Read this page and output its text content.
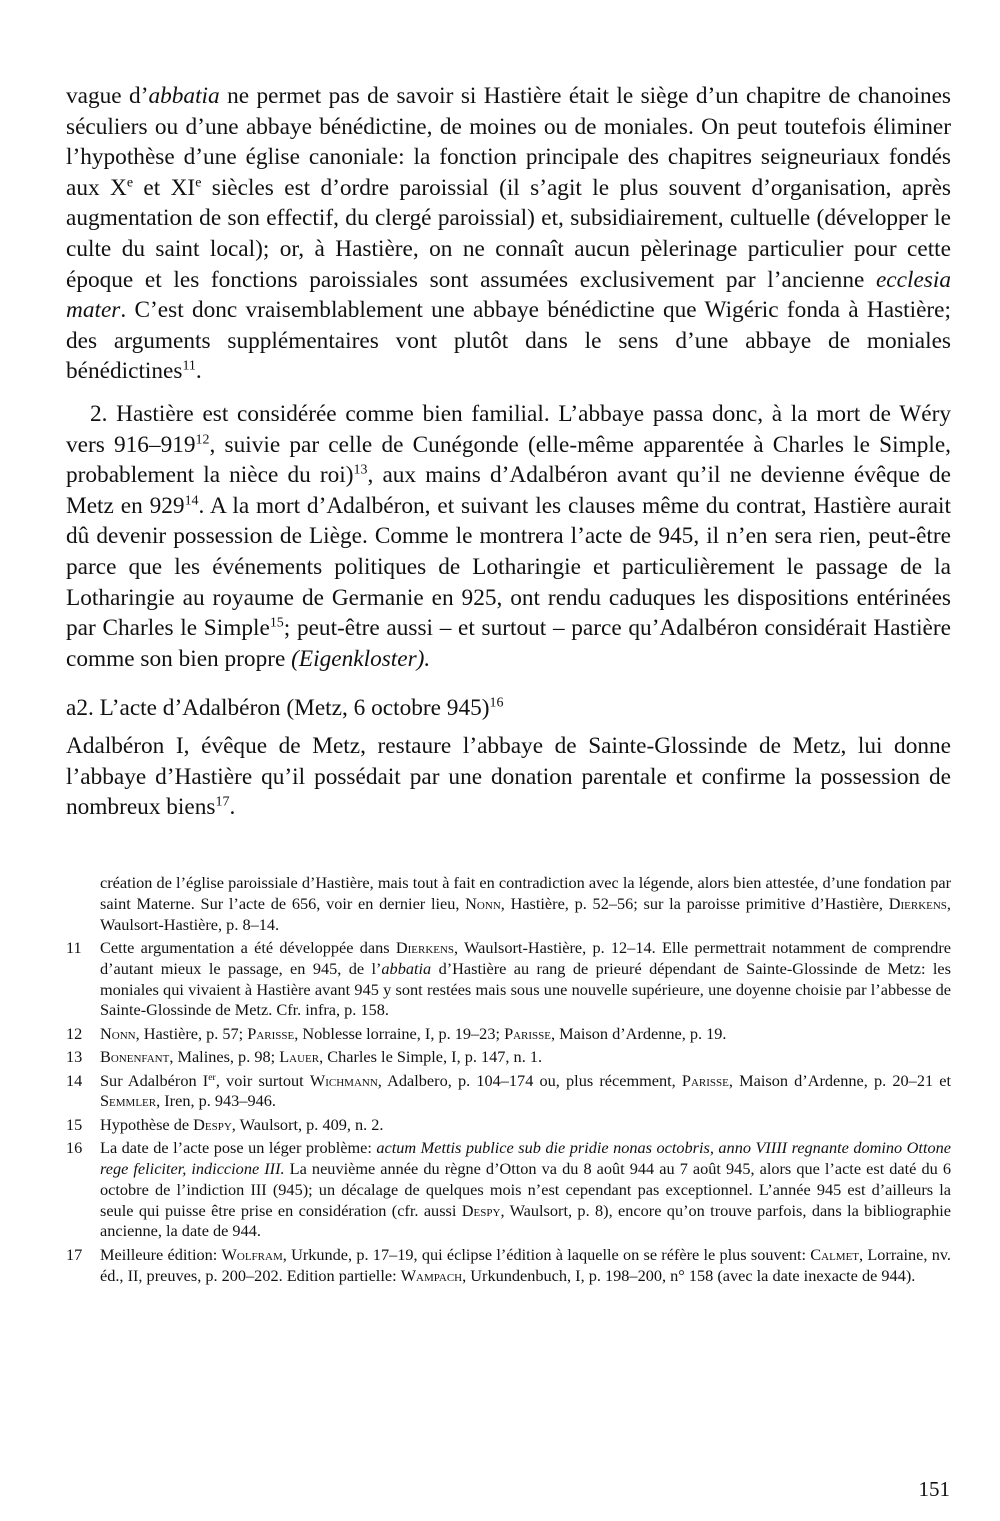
vague d’abbatia ne permet pas de savoir si Hastière était le siège d’un chapitre de chanoines séculiers ou d’une abbaye bénédictine, de moines ou de moniales. On peut toutefois éliminer l’hypothèse d’une église canoniale: la fonction principale des chapitres seigneuriaux fondés aux Xe et XIe siècles est d’ordre paroissial (il s’agit le plus souvent d’organisation, après augmentation de son effectif, du clergé paroissial) et, subsidiairement, cultuelle (développer le culte du saint local); or, à Hastière, on ne connaît aucun pèlerinage particulier pour cette époque et les fonctions paroissiales sont assumées exclusivement par l’ancienne ecclesia mater. C’est donc vraisemblablement une abbaye bénédictine que Wigéric fonda à Hastière; des arguments supplémentaires vont plutôt dans le sens d’une abbaye de moniales bénédictines$^{11}$.

2. Hastière est considérée comme bien familial. L’abbaye passa donc, à la mort de Wéry vers $916-919^{12}$, suivie par celle de Cunégonde (elle-même apparentée à Charles le Simple, probablement la nièce du roi)$^{13}$, aux mains d’Adalbéron avant qu’il ne devienne évêque de Metz en $929^{14}$. A la mort d’Adalbéron, et suivant les clauses même du contrat, Hastière aurait dû devenir possession de Liège. Comme le montrera l’acte de 945, il n’en sera rien, peut-être parce que les événements politiques de Lotharingie et particulièrement le passage de la Lotharingie au royaume de Germanie en 925, ont rendu caduques les dispositions entérinées par Charles le Simple$^{15}$; peut-être aussi – et surtout – parce qu’Adalbéron considérait Hastière comme son bien propre (Eigenkloster).

a2. L’acte d’Adalbéron (Metz, 6 octobre 945)$^{16}$

Adalbéron I, évêque de Metz, restaure l’abbaye de Sainte-Glossinde de Metz, lui donne l’abbaye d’Hastière qu’il possédait par une donation parentale et confirme la possession de nombreux biens$^{17}$.

création de l’église paroissiale d’Hastière, mais tout à fait en contradiction avec la légende, alors bien attestée, d’une fondation par saint Materne. Sur l’acte de 656, voir en dernier lieu, Nonn, Hastière, p. 52–56; sur la paroisse primitive d’Hastière, Dierkens, Waulsort-Hastière, p. 8–14.
11 Cette argumentation a été développée dans Dierkens, Waulsort-Hastière, p. 12–14. Elle permettrait notamment de comprendre d’autant mieux le passage, en 945, de l’abbatia d’Hastière au rang de prieuré dépendant de Sainte-Glossinde de Metz: les moniales qui vivaient à Hastière avant 945 y sont restées mais sous une nouvelle supérieure, une doyenne choisie par l’abbesse de Sainte-Glossinde de Metz. Cfr. infra, p. 158.
12 Nonn, Hastière, p. 57; Parisse, Noblesse lorraine, I, p. 19–23; Parisse, Maison d’Ardenne, p. 19.
13 Bonenfant, Malines, p. 98; Lauer, Charles le Simple, I, p. 147, n. 1.
14 Sur Adalbéron Ier, voir surtout Wichmann, Adalbero, p. 104–174 ou, plus récemment, Parisse, Maison d’Ardenne, p. 20–21 et Semmler, Iren, p. 943–946.
15 Hypothèse de Despy, Waulsort, p. 409, n. 2.
16 La date de l’acte pose un léger problème: actum Mettis publice sub die pridie nonas octobris, anno VIIII regnante domino Ottone rege feliciter, indiccione III. La neuvième année du règne d’Otton va du 8 août 944 au 7 août 945, alors que l’acte est daté du 6 octobre de l’indiction III (945); un décalage de quelques mois n’est cependant pas exceptionnel. L’année 945 est d’ailleurs la seule qui puisse être prise en considération (cfr. aussi Despy, Waulsort, p. 8), encore qu’on trouve parfois, dans la bibliographie ancienne, la date de 944.
17 Meilleure édition: Wolfram, Urkunde, p. 17–19, qui éclipse l’édition à laquelle on se réfère le plus souvent: Calmet, Lorraine, nv. éd., II, preuves, p. 200–202. Edition partielle: Wampach, Urkundenbuch, I, p. 198–200, n° 158 (avec la date inexacte de 944).
151
